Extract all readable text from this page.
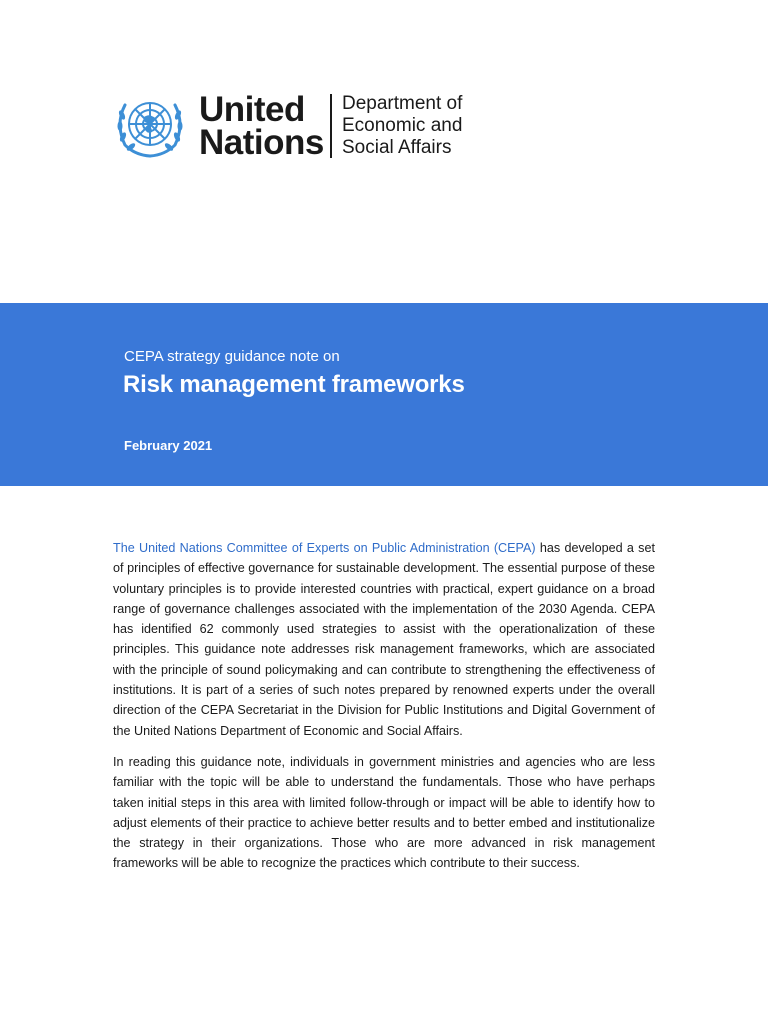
United
Nations
Department of
Economic and
Social Affairs
CEPA strategy guidance note on
Risk management frameworks
February 2021

The United Nations Committee of Experts on Public Administration (CEPA) has developed a set of principles of effective governance for sustainable development. The essential purpose of these voluntary principles is to provide interested countries with practical, expert guidance on a broad range of governance challenges associated with the implementation of the 2030 Agenda. CEPA has identified 62 commonly used strategies to assist with the operationalization of these principles. This guidance note addresses risk management frameworks, which are associated with the principle of sound policymaking and can contribute to strengthening the effectiveness of institutions. It is part of a series of such notes prepared by renowned experts under the overall direction of the CEPA Secretariat in the Division for Public Institutions and Digital Government of the United Nations Department of Economic and Social Affairs.

In reading this guidance note, individuals in government ministries and agencies who are less familiar with the topic will be able to understand the fundamentals. Those who have perhaps taken initial steps in this area with limited follow-through or impact will be able to identify how to adjust elements of their practice to achieve better results and to better embed and institutionalize the strategy in their organizations. Those who are more advanced in risk management frameworks will be able to recognize the practices which contribute to their success.
